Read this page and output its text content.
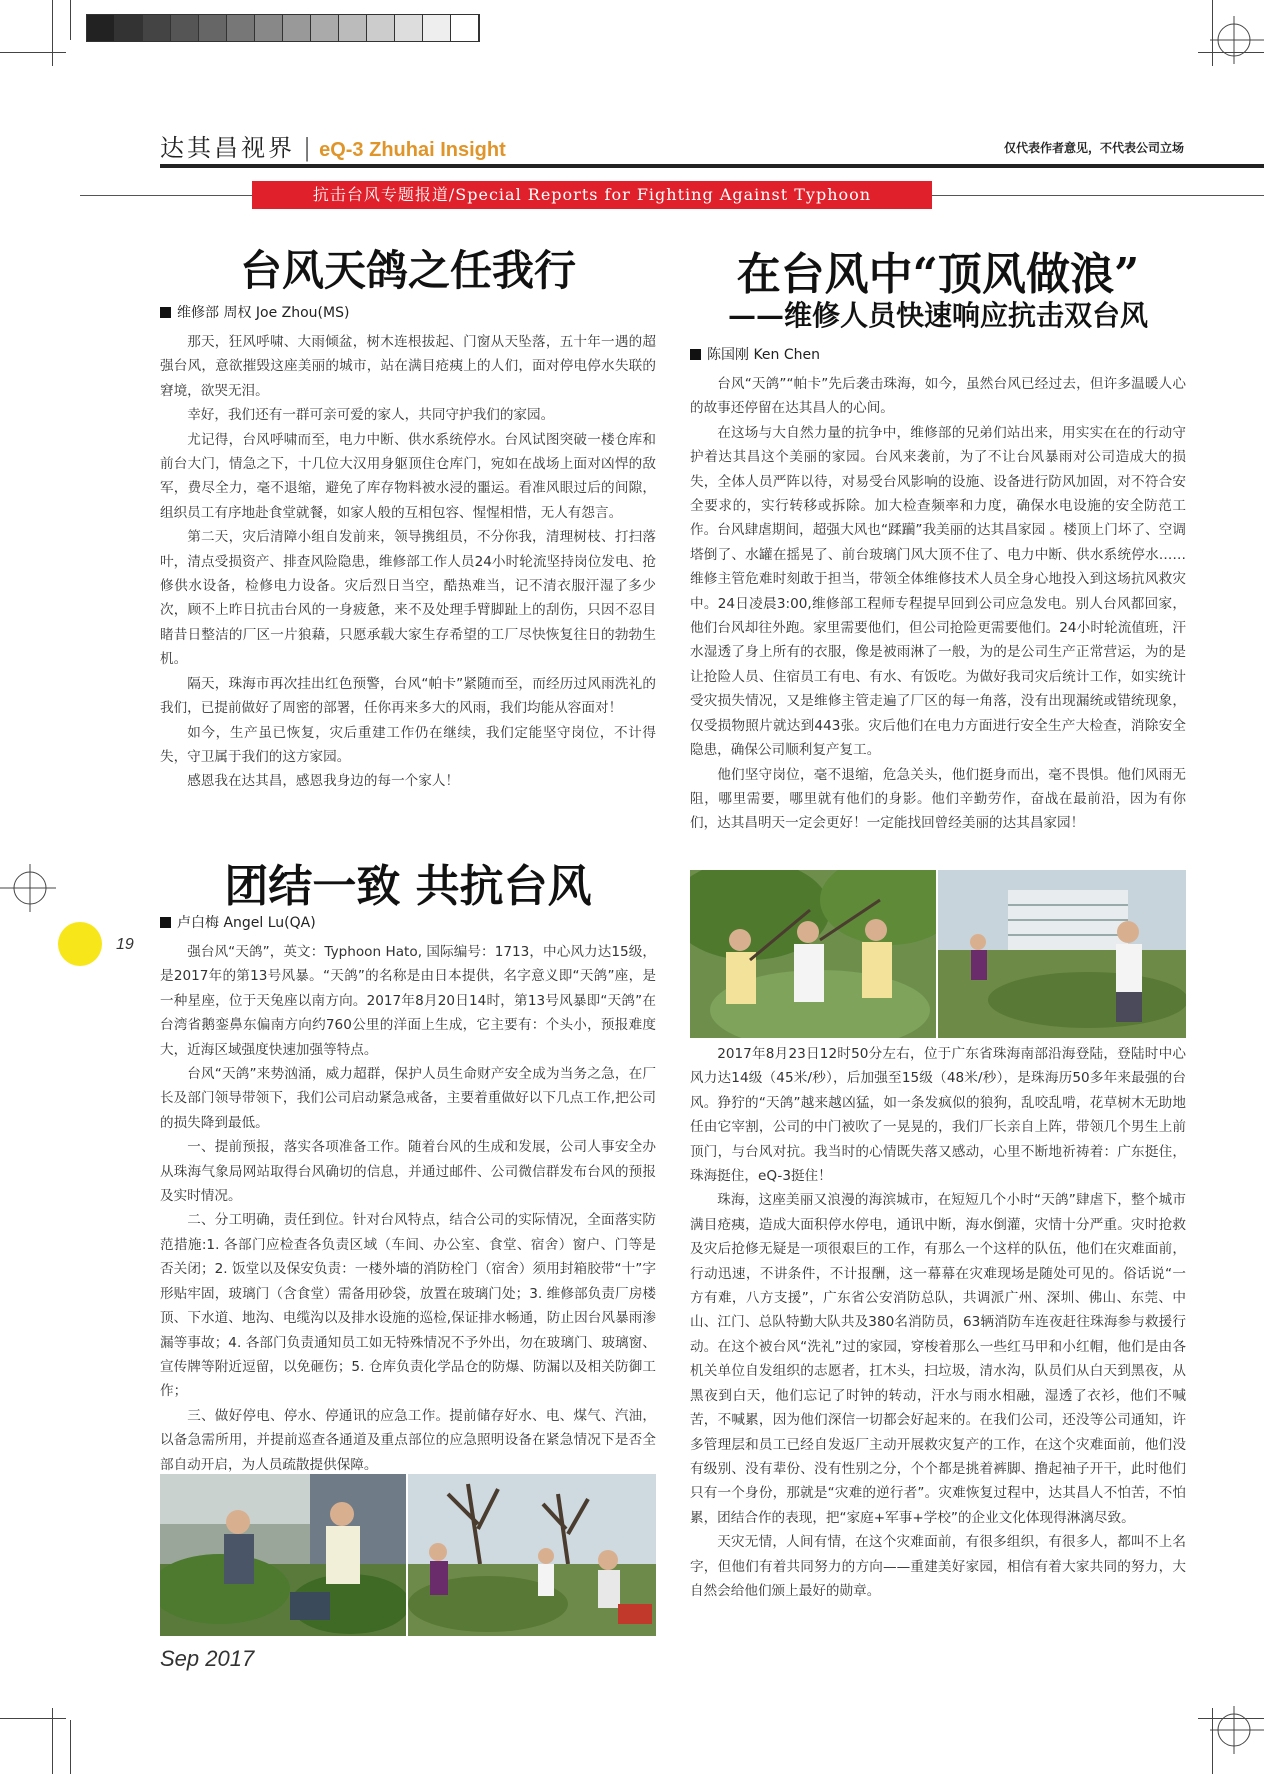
达其昌视界 | eQ-3 Zhuhai Insight	仅代表作者意见，不代表公司立场
抗击台风专题报道/Special Reports for Fighting Against Typhoon
台风天鸽之任我行
维修部 周权 Joe Zhou(MS)

那天，狂风呼啸、大雨倾盆，树木连根拔起、门窗从天坠落，五十年一遇的超强台风，意欲摧毁这座美丽的城市，站在满目疮痍上的人们，面对停电停水失联的窘境，欲哭无泪。

幸好，我们还有一群可亲可爱的家人，共同守护我们的家园。

尤记得，台风呼啸而至，电力中断、供水系统停水。台风试图突破一楼仓库和前台大门，情急之下，十几位大汉用身躯顶住仓库门，宛如在战场上面对凶悍的敌军，费尽全力，毫不退缩，避免了库存物料被水浸的噩运。看准风眼过后的间隙，组织员工有序地赴食堂就餐，如家人般的互相包容、惺惺相惜，无人有怨言。

第二天，灾后清障小组自发前来，领导携组员，不分你我，清理树枝、打扫落叶，清点受损资产、排查风险隐患，维修部工作人员24小时轮流坚持岗位发电、抢修供水设备，检修电力设备。灾后烈日当空，酷热难当，记不清衣服汗湿了多少次，顾不上昨日抗击台风的一身疲惫，来不及处理手臂脚趾上的刮伤，只因不忍目睹昔日整洁的厂区一片狼藉，只愿承载大家生存希望的工厂尽快恢复往日的勃勃生机。

隔天，珠海市再次挂出红色预警，台风“帕卡”紧随而至，而经历过风雨洗礼的我们，已提前做好了周密的部署，任你再来多大的风雨，我们均能从容面对！

如今，生产虽已恢复，灾后重建工作仍在继续，我们定能坚守岗位，不计得失，守卫属于我们的这方家园。

感恩我在达其昌，感恩我身边的每一个家人！

团结一致 共抗台风
卢白梅 Angel Lu(QA)

强台风“天鸽”，英文：Typhoon Hato, 国际编号：1713，中心风力达15级，是2017年的第13号风暴。“天鸽”的名称是由日本提供，名字意义即“天鸽”座，是一种星座，位于天兔座以南方向。2017年8月20日14时，第13号风暴即“天鸽”在台湾省鹅銮鼻东偏南方向约760公里的洋面上生成，它主要有：个头小，预报难度大，近海区域强度快速加强等特点。

台风“天鸽”来势汹涌，威力超群，保护人员生命财产安全成为当务之急，在厂长及部门领导带领下，我们公司启动紧急戒备，主要着重做好以下几点工作,把公司的损失降到最低。

一、提前预报，落实各项准备工作。随着台风的生成和发展，公司人事安全办从珠海气象局网站取得台风确切的信息，并通过邮件、公司微信群发布台风的预报及实时情况。

二、分工明确，责任到位。针对台风特点，结合公司的实际情况，全面落实防范措施:1. 各部门应检查各负责区域（车间、办公室、食堂、宿舍）窗户、门等是否关闭；2. 饭堂以及保安负责：一楼外墙的消防栓门（宿舍）须用封箱胶带“十”字形贴牢固，玻璃门（含食堂）需备用砂袋，放置在玻璃门处；3. 维修部负责厂房楼顶、下水道、地沟、电缆沟以及排水设施的巡检,保证排水畅通，防止因台风暴雨渗漏等事故；4. 各部门负责通知员工如无特殊情况不予外出，勿在玻璃门、玻璃窗、宣传牌等附近逗留，以免砸伤；5. 仓库负责化学品仓的防爆、防漏以及相关防御工作；

三、做好停电、停水、停通讯的应急工作。提前储存好水、电、煤气、汽油，以备急需所用，并提前巡查各通道及重点部位的应急照明设备在紧急情况下是否全部自动开启，为人员疏散提供保障。

在台风中“顶风做浪”
——维修人员快速响应抗击双台风
陈国刚 Ken Chen

台风“天鸽”“帕卡”先后袭击珠海，如今，虽然台风已经过去，但许多温暖人心的故事还停留在达其昌人的心间。

在这场与大自然力量的抗争中，维修部的兄弟们站出来，用实实在在的行动守护着达其昌这个美丽的家园。台风来袭前，为了不让台风暴雨对公司造成大的损失，全体人员严阵以待，对易受台风影响的设施、设备进行防风加固，对不符合安全要求的，实行转移或拆除。加大检查频率和力度，确保水电设施的安全防范工作。台风肆虐期间，超强大风也“蹂躏”我美丽的达其昌家园 。楼顶上门坏了、空调塔倒了、水罐在摇晃了、前台玻璃门风大顶不住了、电力中断、供水系统停水……维修主管危难时刻敢于担当，带领全体维修技术人员全身心地投入到这场抗风救灾中。24日凌晨3:00,维修部工程师专程提早回到公司应急发电。别人台风都回家，他们台风却往外跑。家里需要他们，但公司抢险更需要他们。24小时轮流值班，汗水湿透了身上所有的衣服，像是被雨淋了一般，为的是公司生产正常营运，为的是让抢险人员、住宿员工有电、有水、有饭吃。为做好我司灾后统计工作，如实统计受灾损失情况，又是维修主管走遍了厂区的每一角落，没有出现漏统或错统现象，仅受损物照片就达到443张。灾后他们在电力方面进行安全生产大检查，消除安全隐患，确保公司顺利复产复工。

他们坚守岗位，毫不退缩，危急关头，他们挺身而出，毫不畏惧。他们风雨无阻，哪里需要，哪里就有他们的身影。他们辛勤劳作，奋战在最前沿，因为有你们，达其昌明天一定会更好！一定能找回曾经美丽的达其昌家园！

2017年8月23日12时50分左右，位于广东省珠海南部沿海登陆，登陆时中心风力达14级（45米/秒），后加强至15级（48米/秒），是珠海历50多年来最强的台风。狰狞的“天鸽”越来越凶猛，如一条发疯似的狼狗，乱咬乱啃，花草树木无助地任由它宰割，公司的中门被吹了一晃晃的，我们厂长亲自上阵，带领几个男生上前顶门，与台风对抗。我当时的心情既失落又感动，心里不断地祈祷着：广东挺住，珠海挺住，eQ-3挺住！

珠海，这座美丽又浪漫的海滨城市，在短短几个小时“天鸽”肆虐下，整个城市满目疮痍，造成大面积停水停电，通讯中断，海水倒灌，灾情十分严重。灾时抢救及灾后抢修无疑是一项很艰巨的工作，有那么一个这样的队伍，他们在灾难面前，行动迅速，不讲条件，不计报酬，这一幕幕在灾难现场是随处可见的。俗话说“一方有难，八方支援”，广东省公安消防总队，共调派广州、深圳、佛山、东莞、中山、江门、总队特勤大队共及380名消防员，63辆消防车连夜赶往珠海参与救援行动。在这个被台风“洗礼”过的家园，穿梭着那么一些红马甲和小红帽，他们是由各机关单位自发组织的志愿者，扛木头，扫垃圾，清水沟，队员们从白天到黑夜，从黑夜到白天，他们忘记了时钟的转动，汗水与雨水相融，湿透了衣衫，他们不喊苦，不喊累，因为他们深信一切都会好起来的。在我们公司，还没等公司通知，许多管理层和员工已经自发返厂主动开展救灾复产的工作，在这个灾难面前，他们没有级别、没有辈份、没有性别之分，个个都是挑着裤脚、撸起袖子开干，此时他们只有一个身份，那就是“灾难的逆行者”。灾难恢复过程中，达其昌人不怕苦，不怕累，团结合作的表现，把“家庭+军事+学校”的企业文化体现得淋漓尽致。

天灾无情，人间有情，在这个灾难面前，有很多组织，有很多人，都叫不上名字，但他们有着共同努力的方向——重建美好家园，相信有着大家共同的努力，大自然会给他们颁上最好的勋章。

19
Sep 2017
